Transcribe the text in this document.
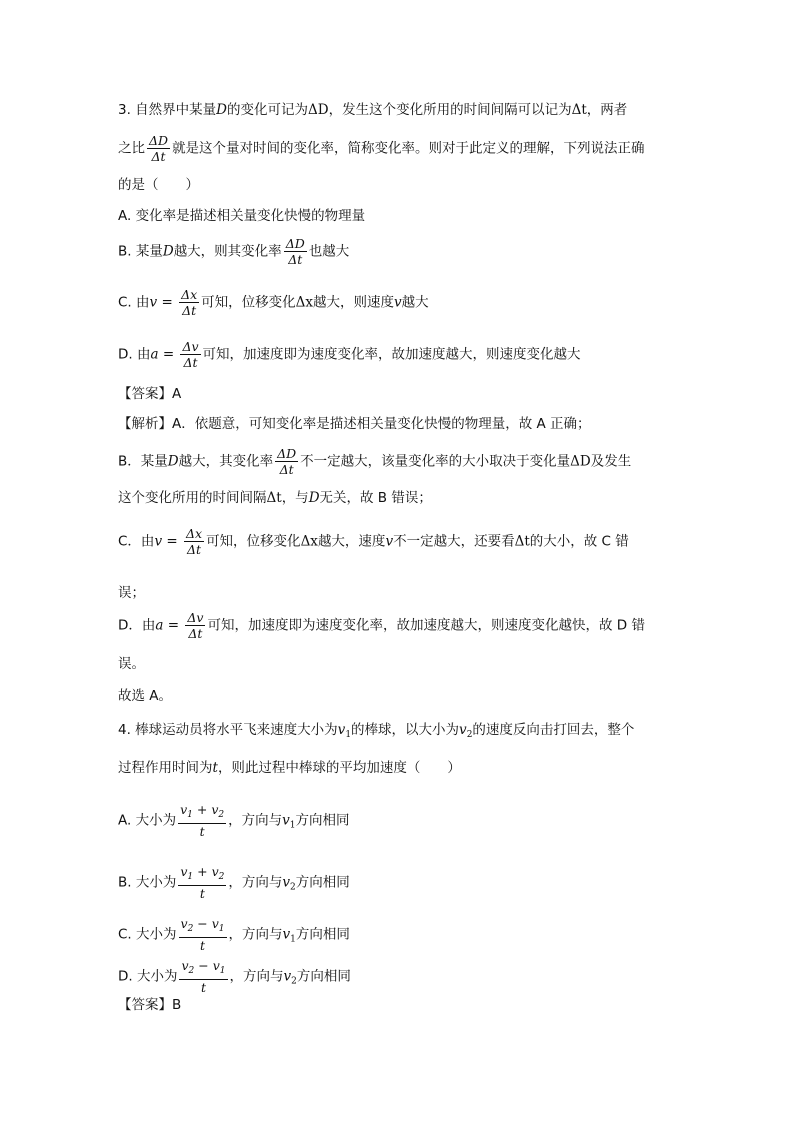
3. 自然界中某量D的变化可记为ΔD，发生这个变化所用的时间间隔可以记为Δt，两者
之比 $\frac{\Delta D}{\Delta t}$ 就是这个量对时间的变化率，简称变化率。则对于此定义的理解，下列说法正确
的是（　　）
A. 变化率是描述相关量变化快慢的物理量
B. 某量D越大，则其变化率 $\frac{\Delta D}{\Delta t}$ 也越大
C. 由$v = \frac{\Delta x}{\Delta t}$ 可知，位移变化Δx越大，则速度v越大
D. 由$a = \frac{\Delta v}{\Delta t}$ 可知，加速度即为速度变化率，故加速度越大，则速度变化越大
【答案】A
【解析】A．依题意，可知变化率是描述相关量变化快慢的物理量，故 A 正确；
B．某量D越大，其变化率 $\frac{\Delta D}{\Delta t}$ 不一定越大，该量变化率的大小取决于变化量ΔD及发生
这个变化所用的时间间隔Δt，与D无关，故 B 错误；
C．由$v = \frac{\Delta x}{\Delta t}$ 可知，位移变化Δx越大，速度v不一定越大，还要看Δt的大小，故 C 错
误；
D．由$a = \frac{\Delta v}{\Delta t}$ 可知，加速度即为速度变化率，故加速度越大，则速度变化越快，故 D 错
误。
故选 A。
4. 棒球运动员将水平飞来速度大小为$v_1$的棒球，以大小为$v_2$的速度反向击打回去，整个
过程作用时间为t，则此过程中棒球的平均加速度（　　）
A. 大小为 $\frac{v_1 + v_2}{t}$ ，方向与$v_1$方向相同
B. 大小为 $\frac{v_1 + v_2}{t}$ ，方向与$v_2$方向相同
C. 大小为 $\frac{v_2 - v_1}{t}$ ，方向与$v_1$方向相同
D. 大小为 $\frac{v_2 - v_1}{t}$ ，方向与$v_2$方向相同
【答案】B
